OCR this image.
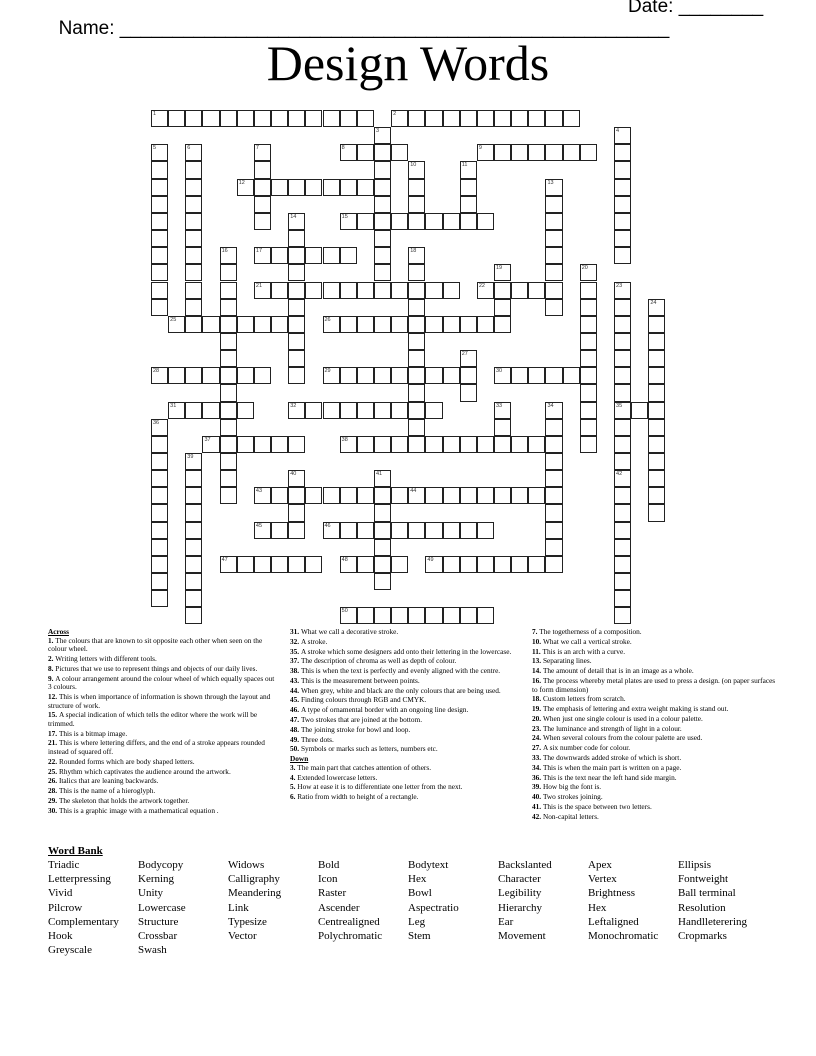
Name: ____________________________________________________

Date: ________

Design Words
1	2
8	9
12
15
17
21	22
25	26
28	29	30
31	32	35
37	38
43	44
45	46
47	48	49
50
3	4
5	6	7
10	11
13
14
16	18
19	20
23
42
24
27
33	34
36
39
40	41
Across
1. The colours that are known to sit opposite each other when seen on the colour wheel.
2. Writing letters with different tools.
8. Pictures that we use to represent things and objects of our daily lives.
9. A colour arrangement around the colour wheel of which equally spaces out 3 colours.
12. This is when importance of information is shown through the layout and structure of work.
15. A special indication of which tells the editor where the work will be trimmed.
17. This is a bitmap image.
21. This is where lettering differs, and the end of a stroke appears rounded instead of squared off.
22. Rounded forms which are body shaped letters.
25. Rhythm which captivates the audience around the artwork.
26. Italics that are leaning backwards.
28. This is the name of a hieroglyph.
29. The skeleton that holds the artwork together.
30. This is a graphic image with a mathematical equation .
31. What we call a decorative stroke.
32. A stroke.
35. A stroke which some designers add onto their lettering in the lowercase.
37. The description of chroma as well as depth of colour.
38. This is when the text is perfectly and evenly aligned with the centre.
43. This is the measurement between points.
44. When grey, white and black are the only colours that are being used.
45. Finding colours through RGB and CMYK.
46. A type of ornamental border with an ongoing line design.
47. Two strokes that are joined at the bottom.
48. The joining stroke for bowl and loop.
49. Three dots.
50. Symbols or marks such as letters, numbers etc.
Down
3. The main part that catches attention of others.
4. Extended lowercase letters.
5. How at ease it is to differentiate one letter from the next.
6. Ratio from width to height of a rectangle.
7. The togetherness of a composition.
10. What we call a vertical stroke.
11. This is an arch with a curve.
13. Separating lines.
14. The amount of detail that is in an image as a whole.
16. The process whereby metal plates are used to press a design. (on paper surfaces to form dimension)
18. Custom letters from scratch.
19. The emphasis of lettering and extra weight making is stand out.
20. When just one single colour is used in a colour palette.
23. The luminance and strength of light in a colour.
24. When several colours from the colour palette are used.
27. A six number code for colour.
33. The downwards added stroke of which is short.
34. This is when the main part is written on a page.
36. This is the text near the left hand side margin.
39. How big the font is.
40. Two strokes joining.
41. This is the space between two letters.
42. Non-capital letters.
Word Bank
Triadic	Bodycopy	Widows	Bold	Bodytext	Backslanted	Apex	Ellipsis
Letterpressing	Kerning	Calligraphy	Icon	Hex	Character	Vertex	Fontweight
Vivid	Unity	Meandering	Raster	Bowl	Legibility	Brightness	Ball terminal
Pilcrow	Lowercase	Link	Ascender	Aspectratio	Hierarchy	Hex	Resolution
Complementary	Structure	Typesize	Centrealigned	Leg	Ear	Leftaligned	Handlleterering
Hook	Crossbar	Vector	Polychromatic	Stem	Movement	Monochromatic	Cropmarks
Greyscale	Swash
